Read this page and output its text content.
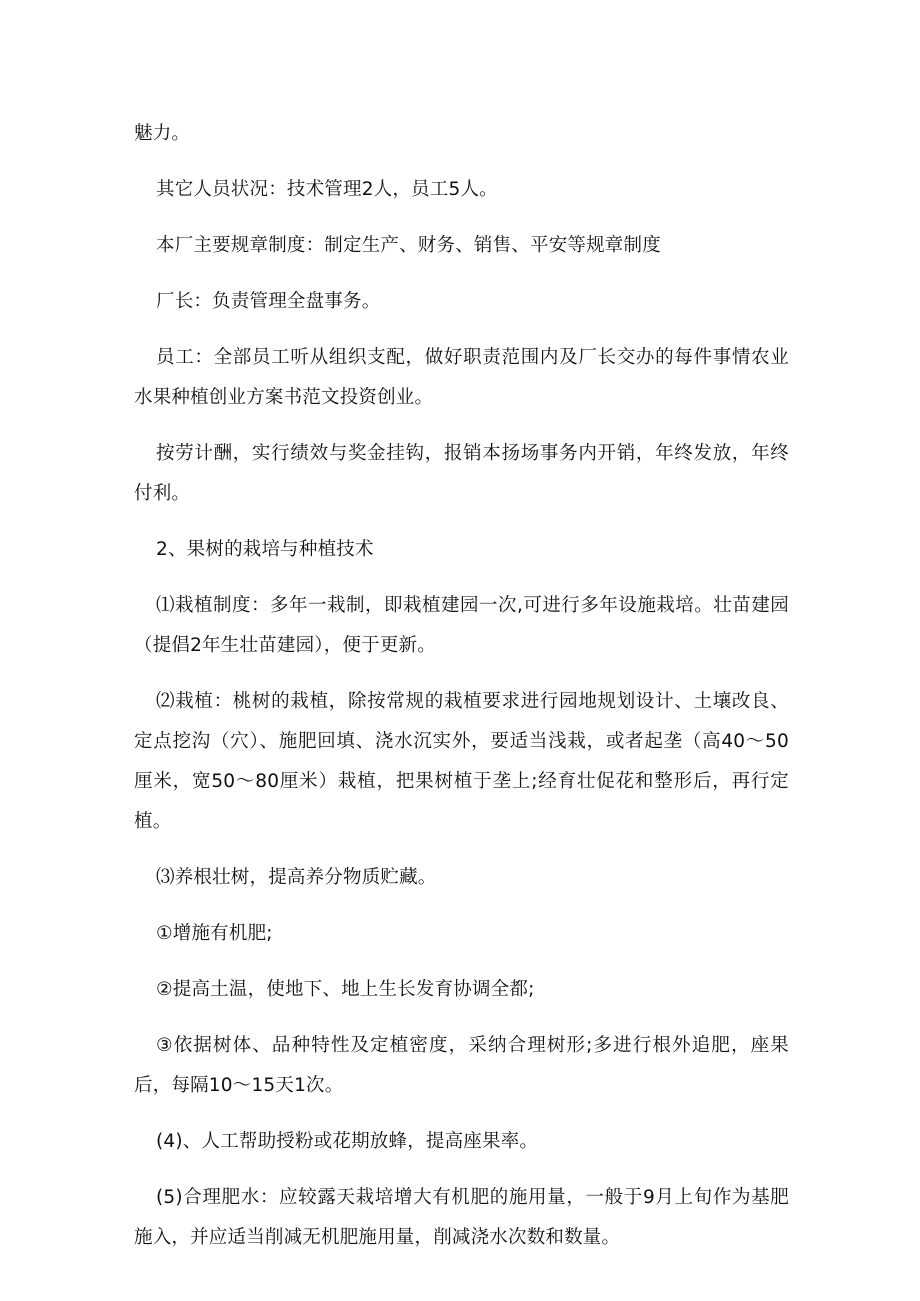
魅力。

其它人员状况：技术管理2人，员工5人。

本厂主要规章制度：制定生产、财务、销售、平安等规章制度

厂长：负责管理全盘事务。

员工：全部员工听从组织支配，做好职责范围内及厂长交办的每件事情农业水果种植创业方案书范文投资创业。

按劳计酬，实行绩效与奖金挂钩，报销本扬场事务内开销，年终发放，年终付利。

2、果树的栽培与种植技术

⑴栽植制度：多年一栽制，即栽植建园一次,可进行多年设施栽培。壮苗建园（提倡2年生壮苗建园），便于更新。

⑵栽植：桃树的栽植，除按常规的栽植要求进行园地规划设计、土壤改良、定点挖沟（穴）、施肥回填、浇水沉实外，要适当浅栽，或者起垄（高40～50厘米，宽50～80厘米）栽植，把果树植于垄上;经育壮促花和整形后，再行定植。

⑶养根壮树，提高养分物质贮藏。

①增施有机肥;

②提高土温，使地下、地上生长发育协调全都;

③依据树体、品种特性及定植密度，采纳合理树形;多进行根外追肥，座果后，每隔10～15天1次。

(4)、人工帮助授粉或花期放蜂，提高座果率。

(5)合理肥水：应较露天栽培增大有机肥的施用量，一般于9月上旬作为基肥施入，并应适当削减无机肥施用量，削减浇水次数和数量。
